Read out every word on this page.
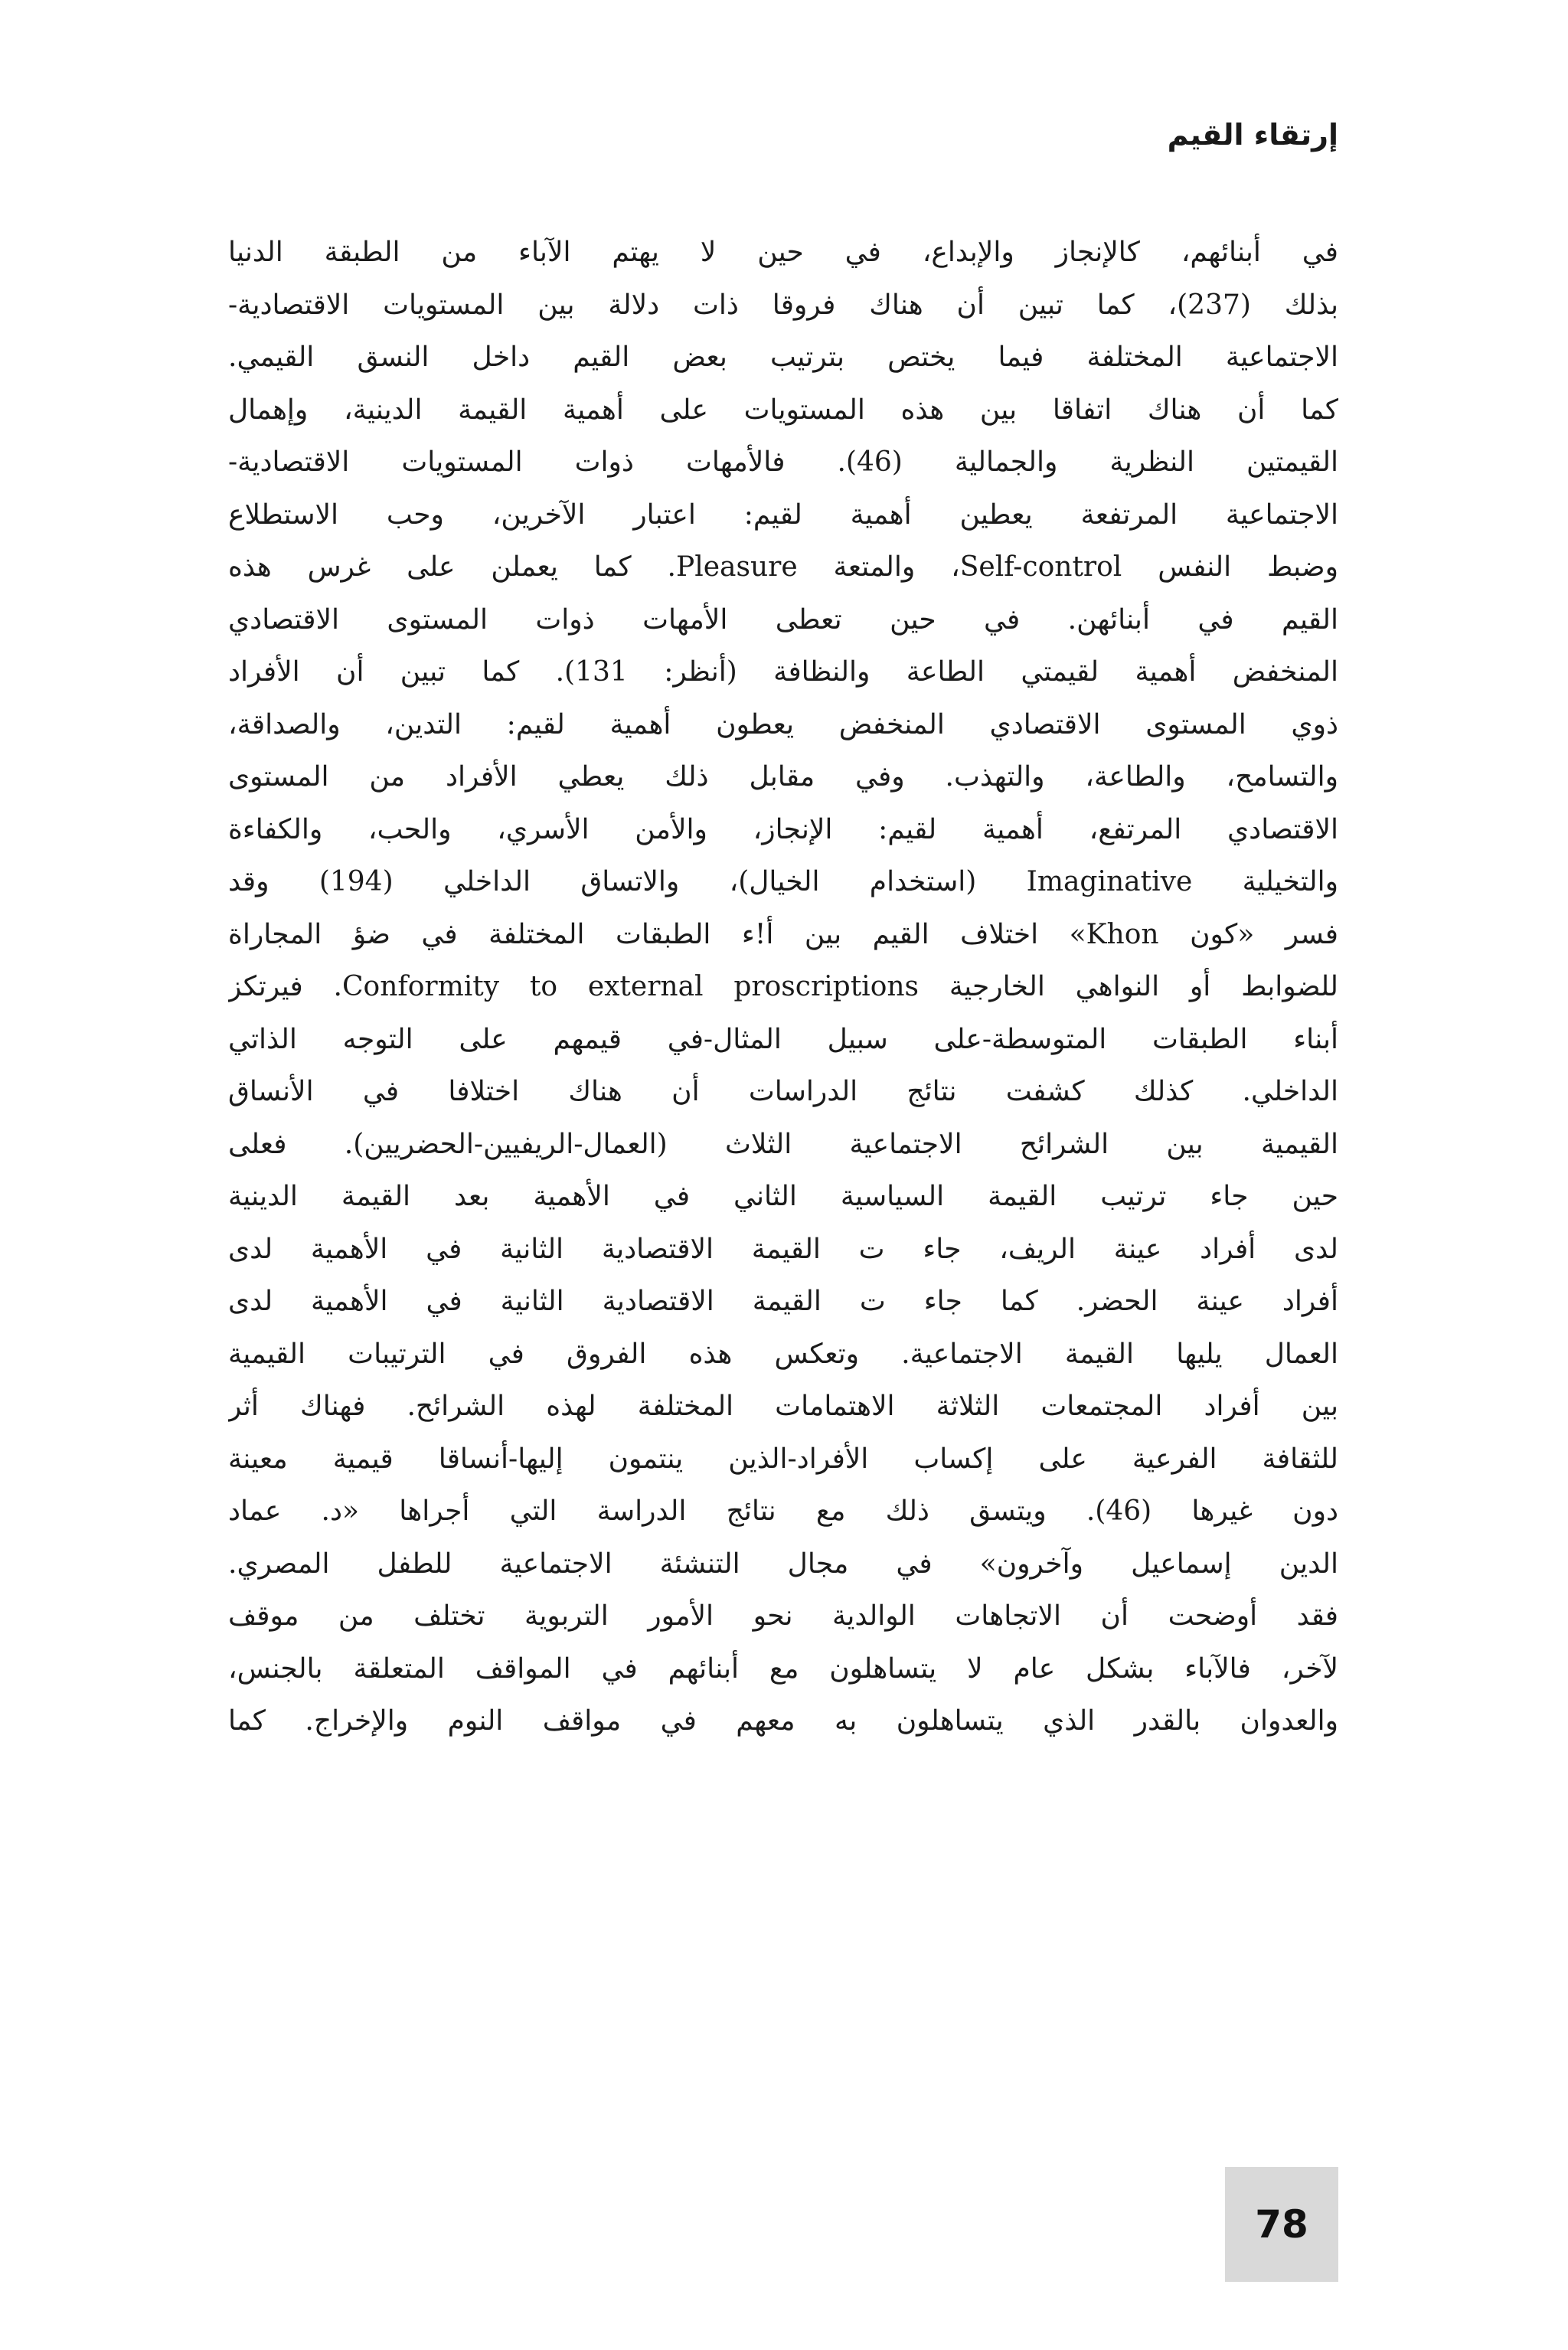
إرتقاء القيم
في أبنائهم، كالإنجاز والإبداع، في حين لا يهتم الآباء من الطبقة الدنيا
بذلك (237)، كما تبين أن هناك فروقا ذات دلالة بين المستويات الاقتصادية-
الاجتماعية المختلفة فيما يختص بترتيب بعض القيم داخل النسق القيمي.
كما أن هناك اتفاقا بين هذه المستويات على أهمية القيمة الدينية، وإهمال
القيمتين النظرية والجمالية (46). فالأمهات ذوات المستويات الاقتصادية-
الاجتماعية المرتفعة يعطين أهمية لقيم: اعتبار الآخرين، وحب الاستطلاع
وضبط النفس Self-control، والمتعة Pleasure. كما يعملن على غرس هذه
القيم في أبنائهن. في حين تعطى الأمهات ذوات المستوى الاقتصادي
المنخفض أهمية لقيمتي الطاعة والنظافة (أنظر: 131). كما تبين أن الأفراد
ذوي المستوى الاقتصادي المنخفض يعطون أهمية لقيم: التدين، والصداقة،
والتسامح، والطاعة، والتهذب. وفي مقابل ذلك يعطي الأفراد من المستوى
الاقتصادي المرتفع، أهمية لقيم: الإنجاز، والأمن الأسري، والحب، والكفاءة
والتخيلية Imaginative (استخدام الخيال)، والاتساق الداخلي (194) وقد
فسر «كون Khon» اختلاف القيم بين أ!ء الطبقات المختلفة في ضؤ المجاراة
للضوابط أو النواهي الخارجية Conformity to external proscriptions. فيرتكز
أبناء الطبقات المتوسطة-على سبيل المثال-في قيمهم على التوجه الذاتي
الداخلي. كذلك كشفت نتائج الدراسات أن هناك اختلافا في الأنساق
القيمية بين الشرائح الاجتماعية الثلاث (العمال-الريفيين-الحضريين). فعلى
حين جاء ترتيب القيمة السياسية الثاني في الأهمية بعد القيمة الدينية
لدى أفراد عينة الريف، جاء ت القيمة الاقتصادية الثانية في الأهمية لدى
أفراد عينة الحضر. كما جاء ت القيمة الاقتصادية الثانية في الأهمية لدى
العمال يليها القيمة الاجتماعية. وتعكس هذه الفروق في الترتيبات القيمية
بين أفراد المجتمعات الثلاثة الاهتمامات المختلفة لهذه الشرائح. فهناك أثر
للثقافة الفرعية على إكساب الأفراد-الذين ينتمون إليها-أنساقا قيمية معينة
دون غيرها (46). ويتسق ذلك مع نتائج الدراسة التي أجراها «د. عماد
الدين إسماعيل وآخرون» في مجال التنشئة الاجتماعية للطفل المصري.
فقد أوضحت أن الاتجاهات الوالدية نحو الأمور التربوية تختلف من موقف
لآخر، فالآباء بشكل عام لا يتساهلون مع أبنائهم في المواقف المتعلقة بالجنس،
والعدوان بالقدر الذي يتساهلون به معهم في مواقف النوم والإخراج. كما
78
